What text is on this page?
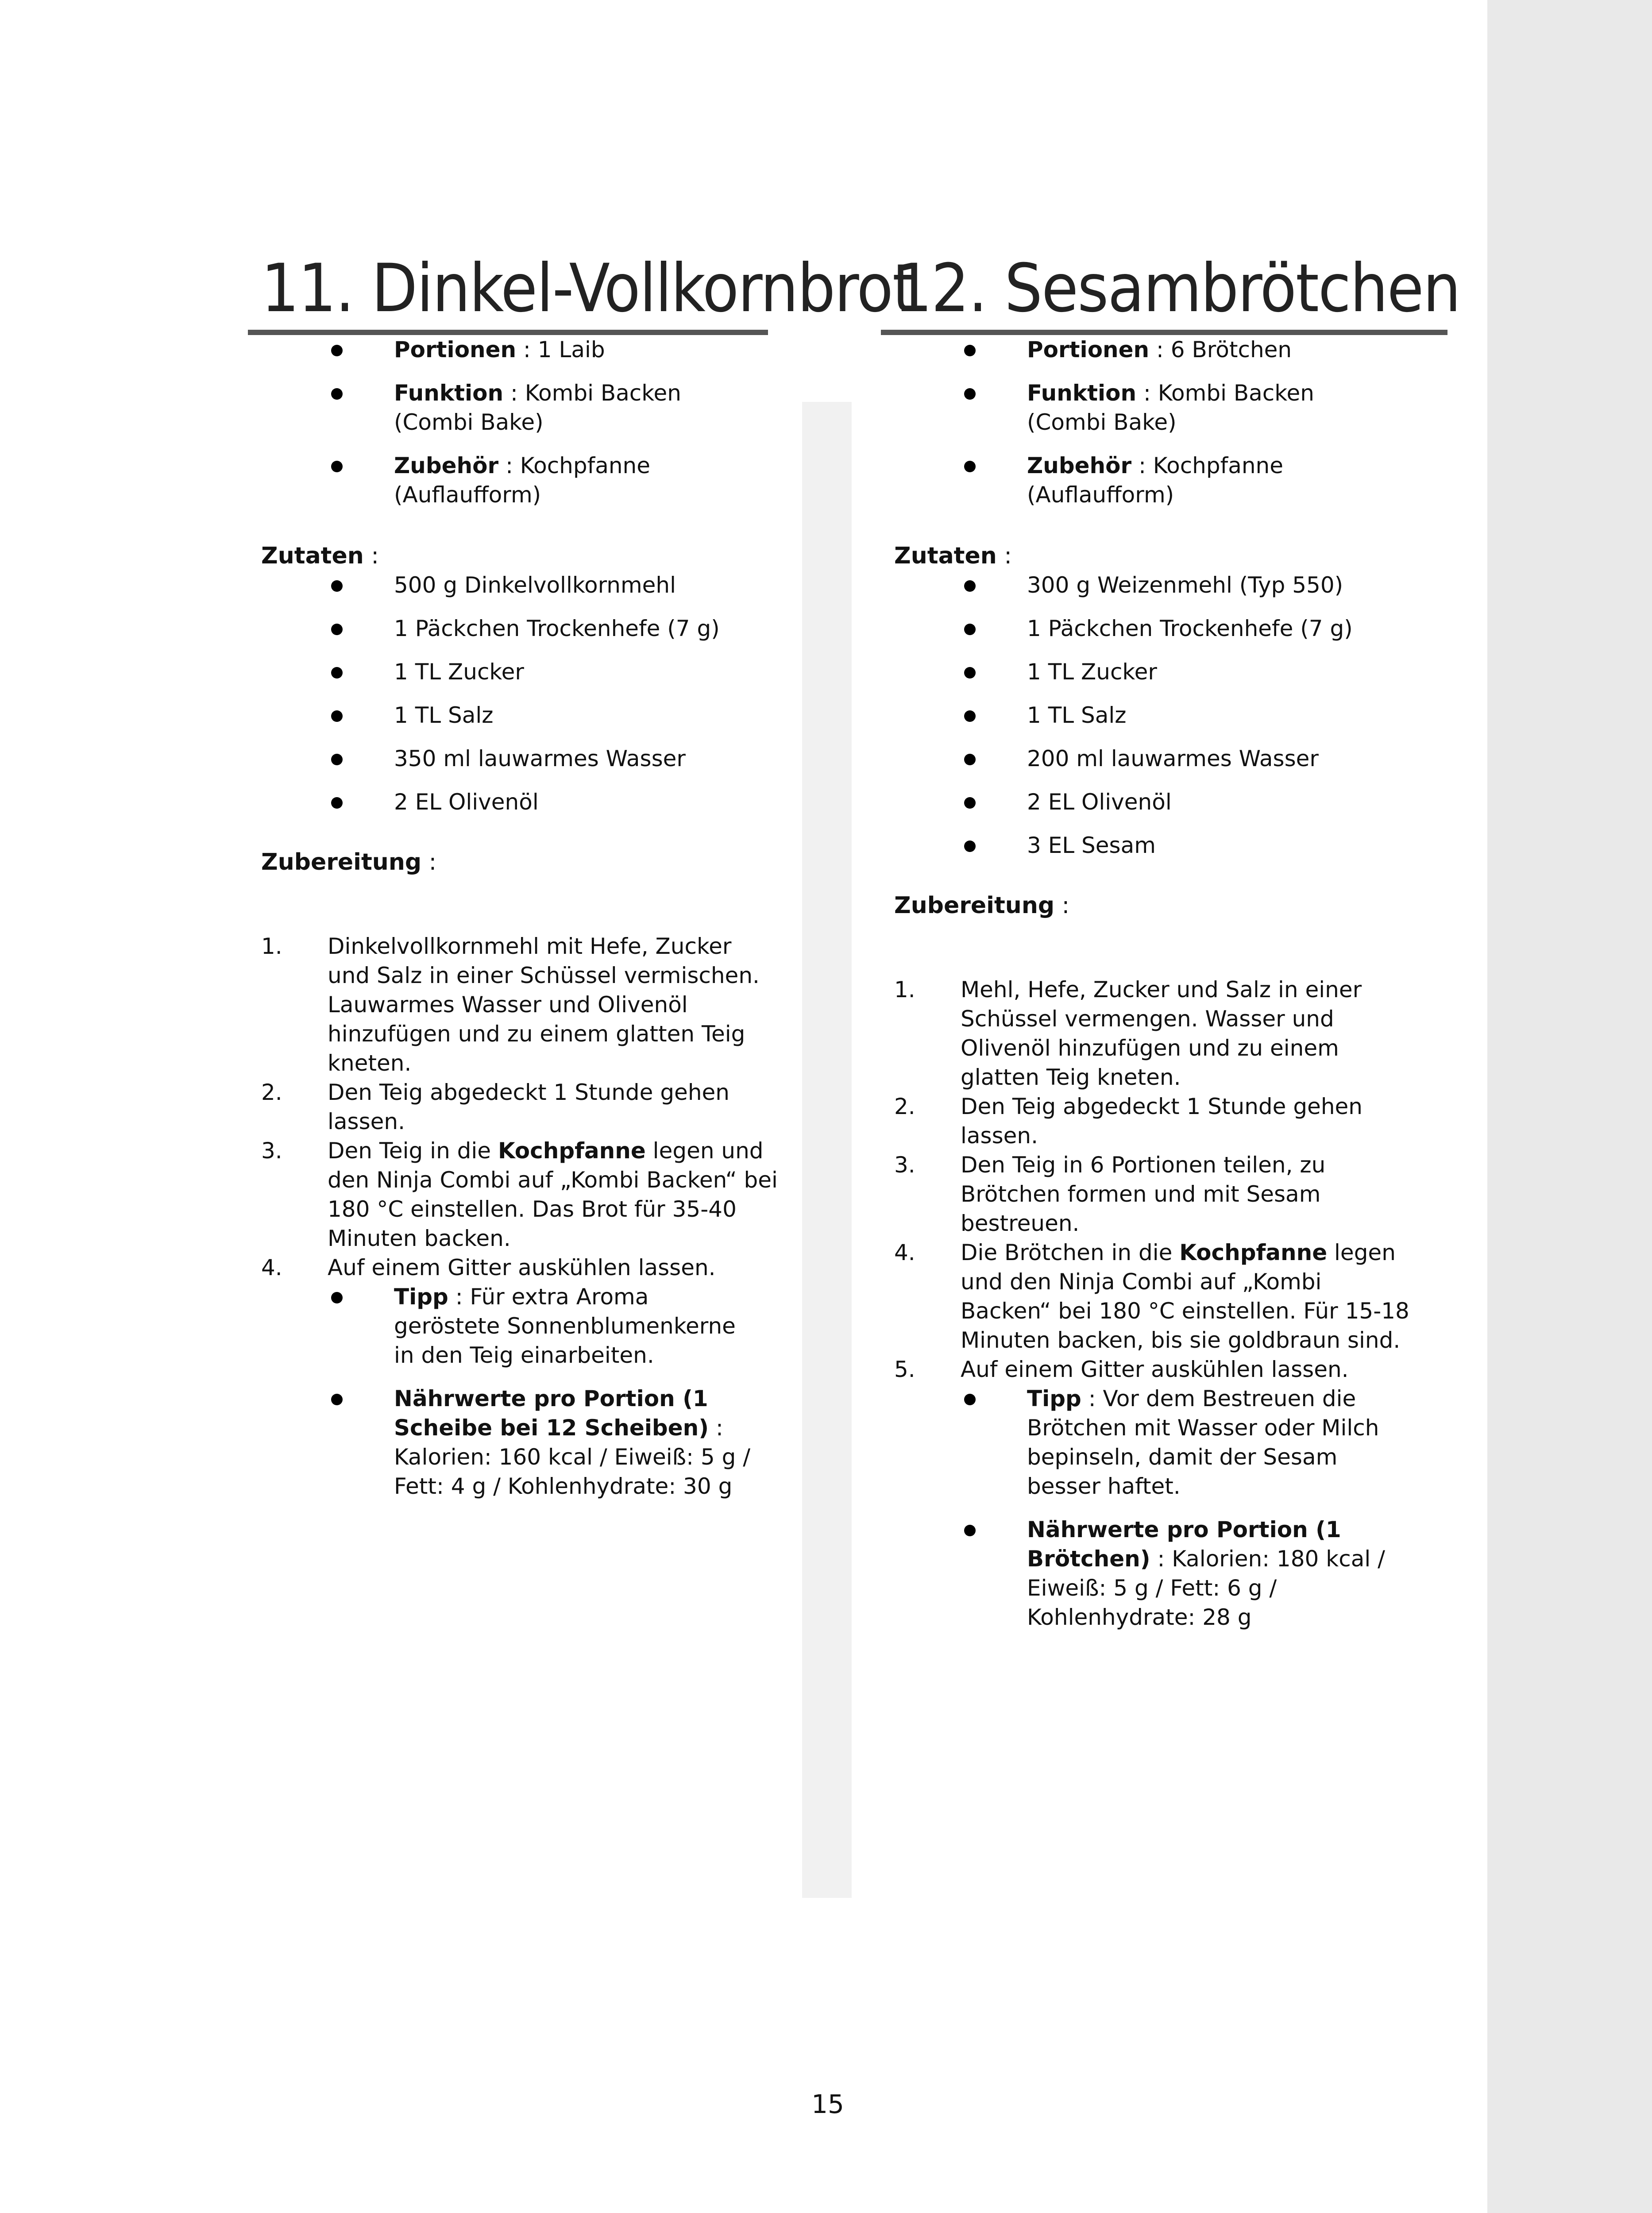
11. Dinkel-Vollkornbrot
Portionen : 1 Laib
Funktion : Kombi Backen (Combi Bake)
Zubehör : Kochpfanne (Auflaufform)

Zutaten :

500 g Dinkelvollkornmehl
1 Päckchen Trockenhefe (7 g)
1 TL Zucker
1 TL Salz
350 ml lauwarmes Wasser
2 EL Olivenöl

Zubereitung :

1. Dinkelvollkornmehl mit Hefe, Zucker und Salz in einer Schüssel vermischen. Lauwarmes Wasser und Olivenöl hinzufügen und zu einem glatten Teig kneten.
2. Den Teig abgedeckt 1 Stunde gehen lassen.
3. Den Teig in die Kochpfanne legen und den Ninja Combi auf „Kombi Backen“ bei 180 °C einstellen. Das Brot für 35-40 Minuten backen.
4. Auf einem Gitter auskühlen lassen.
Tipp : Für extra Aroma geröstete Sonnenblumenkerne in den Teig einarbeiten.
Nährwerte pro Portion (1 Scheibe bei 12 Scheiben) : Kalorien: 160 kcal / Eiweiß: 5 g / Fett: 4 g / Kohlenhydrate: 30 g
12. Sesambrötchen
Portionen : 6 Brötchen
Funktion : Kombi Backen (Combi Bake)
Zubehör : Kochpfanne (Auflaufform)

Zutaten :

300 g Weizenmehl (Typ 550)
1 Päckchen Trockenhefe (7 g)
1 TL Zucker
1 TL Salz
200 ml lauwarmes Wasser
2 EL Olivenöl
3 EL Sesam

Zubereitung :

1. Mehl, Hefe, Zucker und Salz in einer Schüssel vermengen. Wasser und Olivenöl hinzufügen und zu einem glatten Teig kneten.
2. Den Teig abgedeckt 1 Stunde gehen lassen.
3. Den Teig in 6 Portionen teilen, zu Brötchen formen und mit Sesam bestreuen.
4. Die Brötchen in die Kochpfanne legen und den Ninja Combi auf „Kombi Backen“ bei 180 °C einstellen. Für 15-18 Minuten backen, bis sie goldbraun sind.
5. Auf einem Gitter auskühlen lassen.
Tipp : Vor dem Bestreuen die Brötchen mit Wasser oder Milch bepinseln, damit der Sesam besser haftet.
Nährwerte pro Portion (1 Brötchen) : Kalorien: 180 kcal / Eiweiß: 5 g / Fett: 6 g / Kohlenhydrate: 28 g
15
